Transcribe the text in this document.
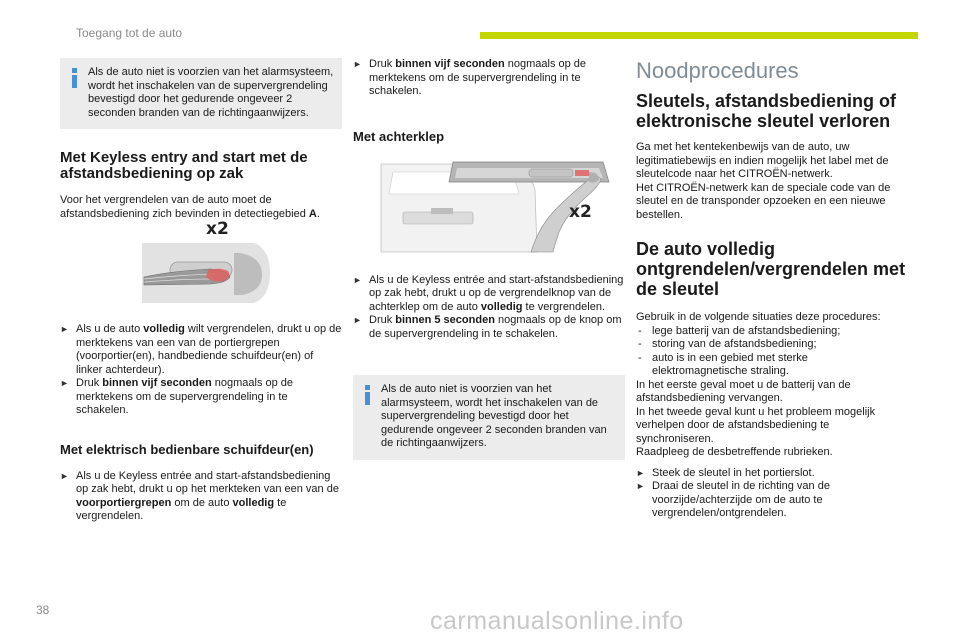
Toegang tot de auto

Als de auto niet is voorzien van het alarmsysteem, wordt het inschakelen van de supervergrendeling bevestigd door het gedurende ongeveer 2 seconden branden van de richtingaanwijzers.

Met Keyless entry and start met de afstandsbediening op zak

Voor het vergrendelen van de auto moet de afstandsbediening zich bevinden in detectiegebied A.

x2
► Als u de auto volledig wilt vergrendelen, drukt u op de merktekens van een van de portiergrepen (voorportier(en), handbediende schuifdeur(en) of linker achterdeur).
► Druk binnen vijf seconden nogmaals op de merktekens om de supervergrendeling in te schakelen.
Met elektrisch bedienbare schuifdeur(en)
► Als u de Keyless entrée and start-afstandsbediening op zak hebt, drukt u op het merkteken van een van de voorportiergrepen om de auto volledig te vergrendelen.
► Druk binnen vijf seconden nogmaals op de merktekens om de supervergrendeling in te schakelen.
Met achterklep
x2
► Als u de Keyless entrée and start-afstandsbediening op zak hebt, drukt u op de vergrendelknop van de achterklep om de auto volledig te vergrendelen.
► Druk binnen 5 seconden nogmaals op de knop om de supervergrendeling in te schakelen.

Als de auto niet is voorzien van het alarmsysteem, wordt het inschakelen van de supervergrendeling bevestigd door het gedurende ongeveer 2 seconden branden van de richtingaanwijzers.

Noodprocedures
Sleutels, afstandsbediening of elektronische sleutel verloren

Ga met het kentekenbewijs van de auto, uw legitimatiebewijs en indien mogelijk het label met de sleutelcode naar het CITROËN-netwerk.

Het CITROËN-netwerk kan de speciale code van de sleutel en de transponder opzoeken en een nieuwe bestellen.

De auto volledig ontgrendelen/vergrendelen met de sleutel

Gebruik in de volgende situaties deze procedures:

- lege batterij van de afstandsbediening;
- storing van de afstandsbediening;
- auto is in een gebied met sterke elektromagnetische straling.

In het eerste geval moet u de batterij van de afstandsbediening vervangen.

In het tweede geval kunt u het probleem mogelijk verhelpen door de afstandsbediening te synchroniseren.

Raadpleeg de desbetreffende rubrieken.

► Steek de sleutel in het portierslot.
► Draai de sleutel in de richting van de voorzijde/achterzijde om de auto te vergrendelen/ontgrendelen.
38	carmanualsonline.info
